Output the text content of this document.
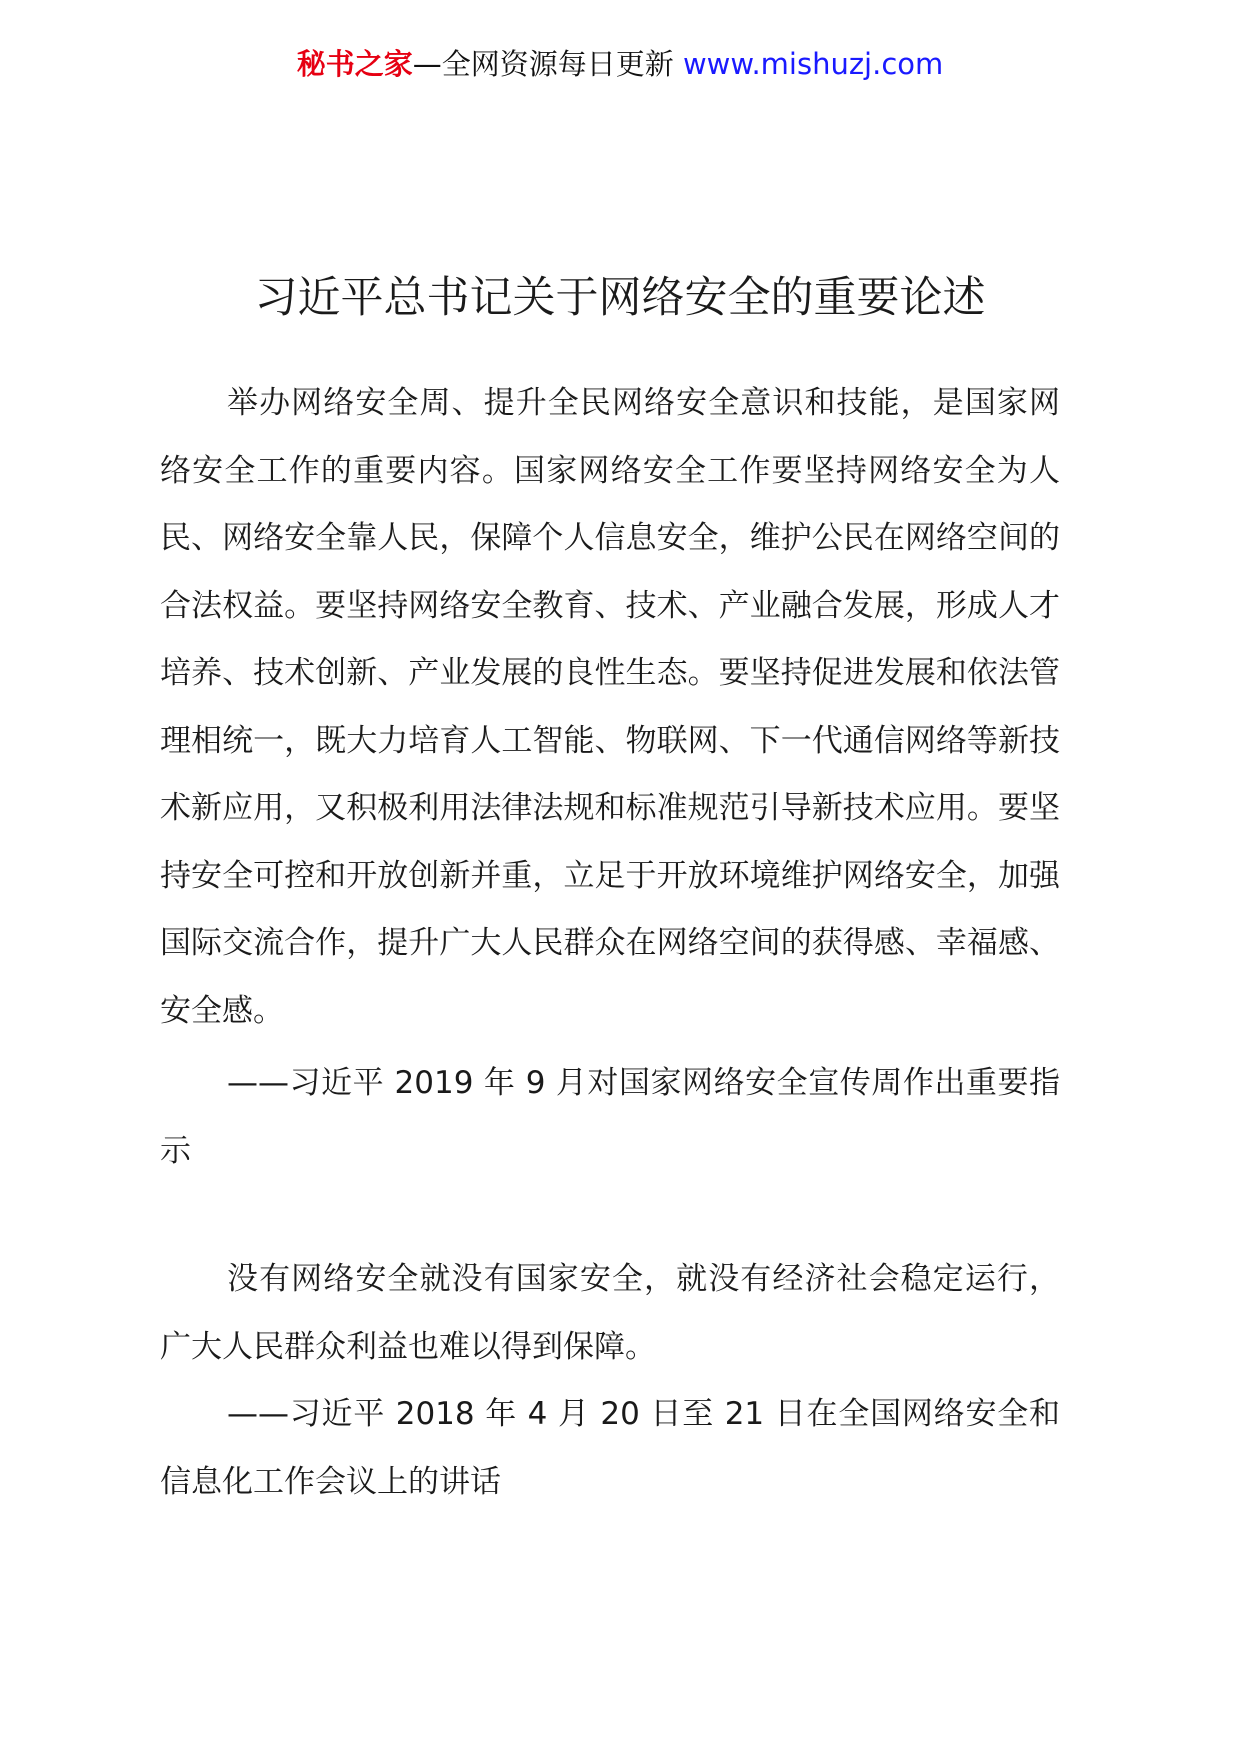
秘书之家—全网资源每日更新 www.mishuzj.com
习近平总书记关于网络安全的重要论述

举办网络安全周、提升全民网络安全意识和技能，是国家网络安全工作的重要内容。国家网络安全工作要坚持网络安全为人民、网络安全靠人民，保障个人信息安全，维护公民在网络空间的合法权益。要坚持网络安全教育、技术、产业融合发展，形成人才培养、技术创新、产业发展的良性生态。要坚持促进发展和依法管理相统一，既大力培育人工智能、物联网、下一代通信网络等新技术新应用，又积极利用法律法规和标准规范引导新技术应用。要坚持安全可控和开放创新并重，立足于开放环境维护网络安全，加强国际交流合作，提升广大人民群众在网络空间的获得感、幸福感、安全感。

——习近平 2019 年 9 月对国家网络安全宣传周作出重要指示

没有网络安全就没有国家安全，就没有经济社会稳定运行，广大人民群众利益也难以得到保障。

——习近平 2018 年 4 月 20 日至 21 日在全国网络安全和信息化工作会议上的讲话
